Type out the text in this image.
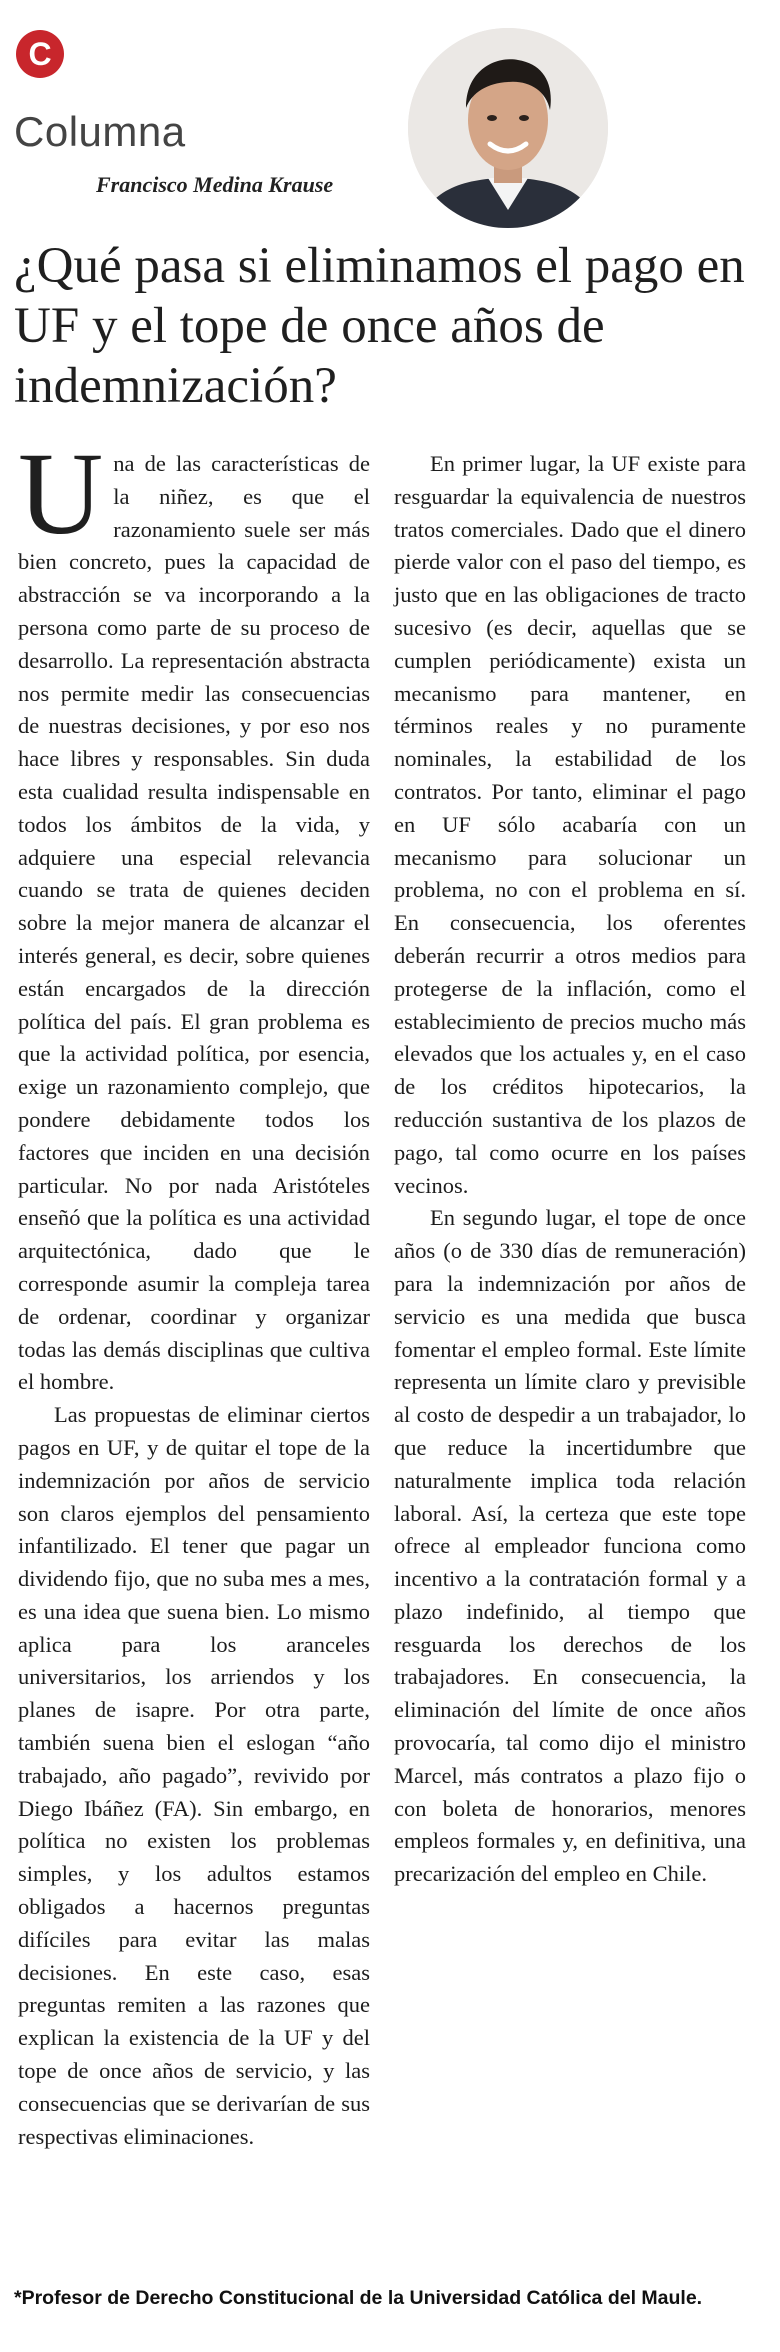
C
Columna
Francisco Medina Krause
¿Qué pasa si eliminamos el pago en UF y el tope de once años de indemnización?

Una de las características de la niñez, es que el razonamiento suele ser más bien concreto, pues la capacidad de abstracción se va incorporando a la persona como parte de su proceso de desarrollo. La representación abstracta nos permite medir las consecuencias de nuestras decisiones, y por eso nos hace libres y responsables. Sin duda esta cualidad resulta indispensable en todos los ámbitos de la vida, y adquiere una especial relevancia cuando se trata de quienes deciden sobre la mejor manera de alcanzar el interés general, es decir, sobre quienes están encargados de la dirección política del país. El gran problema es que la actividad política, por esencia, exige un razonamiento complejo, que pondere debidamente todos los factores que inciden en una decisión particular. No por nada Aristóteles enseñó que la política es una actividad arquitectónica, dado que le corresponde asumir la compleja tarea de ordenar, coordinar y organizar todas las demás disciplinas que cultiva el hombre.

Las propuestas de eliminar ciertos pagos en UF, y de quitar el tope de la indemnización por años de servicio son claros ejemplos del pensamiento infantilizado. El tener que pagar un dividendo fijo, que no suba mes a mes, es una idea que suena bien. Lo mismo aplica para los aranceles universitarios, los arriendos y los planes de isapre. Por otra parte, también suena bien el eslogan “año trabajado, año pagado”, revivido por Diego Ibáñez (FA). Sin embargo, en política no existen los problemas simples, y los adultos estamos obligados a hacernos preguntas difíciles para evitar las malas decisiones. En este caso, esas preguntas remiten a las razones que explican la existencia de la UF y del tope de once años de servicio, y las consecuencias que se derivarían de sus respectivas eliminaciones.

En primer lugar, la UF existe para resguardar la equivalencia de nuestros tratos comerciales. Dado que el dinero pierde valor con el paso del tiempo, es justo que en las obligaciones de tracto sucesivo (es decir, aquellas que se cumplen periódicamente) exista un mecanismo para mantener, en términos reales y no puramente nominales, la estabilidad de los contratos. Por tanto, eliminar el pago en UF sólo acabaría con un mecanismo para solucionar un problema, no con el problema en sí. En consecuencia, los oferentes deberán recurrir a otros medios para protegerse de la inflación, como el establecimiento de precios mucho más elevados que los actuales y, en el caso de los créditos hipotecarios, la reducción sustantiva de los plazos de pago, tal como ocurre en los países vecinos.

En segundo lugar, el tope de once años (o de 330 días de remuneración) para la indemnización por años de servicio es una medida que busca fomentar el empleo formal. Este límite representa un límite claro y previsible al costo de despedir a un trabajador, lo que reduce la incertidumbre que naturalmente implica toda relación laboral. Así, la certeza que este tope ofrece al empleador funciona como incentivo a la contratación formal y a plazo indefinido, al tiempo que resguarda los derechos de los trabajadores. En consecuencia, la eliminación del límite de once años provocaría, tal como dijo el ministro Marcel, más contratos a plazo fijo o con boleta de honorarios, menores empleos formales y, en definitiva, una precarización del empleo en Chile.

*Profesor de Derecho Constitucional de la Universidad Católica del Maule.
